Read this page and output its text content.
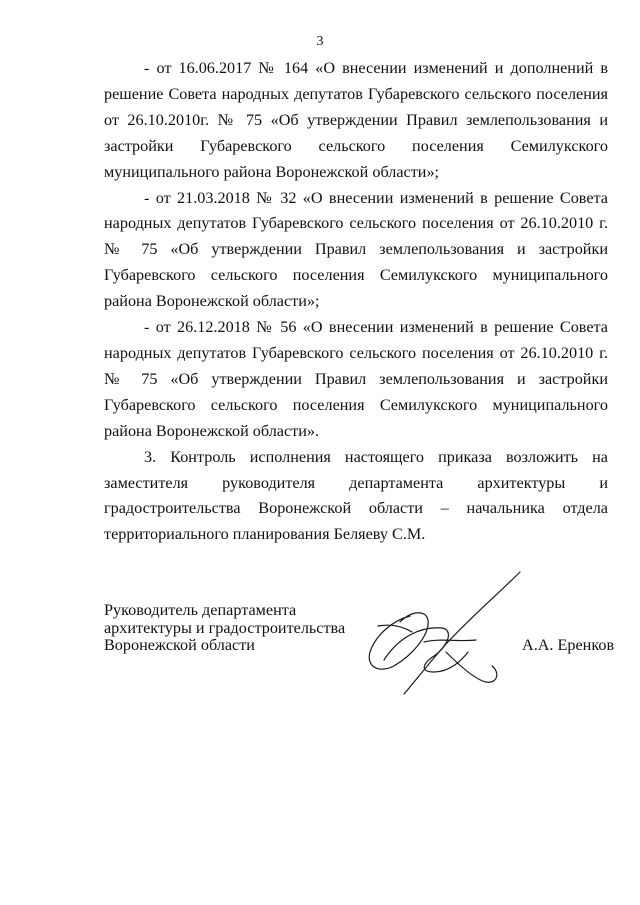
3

- от 16.06.2017 № 164 «О внесении изменений и дополнений в решение Совета народных депутатов Губаревского сельского поселения от 26.10.2010г. № 75 «Об утверждении Правил землепользования и застройки Губаревского сельского поселения Семилукского муниципального района Воронежской области»;

- от 21.03.2018 № 32 «О внесении изменений в решение Совета народных депутатов Губаревского сельского поселения от 26.10.2010 г. № 75 «Об утверждении Правил землепользования и застройки Губаревского сельского поселения Семилукского муниципального района Воронежской области»;

- от 26.12.2018 № 56 «О внесении изменений в решение Совета народных депутатов Губаревского сельского поселения от 26.10.2010 г. № 75 «Об утверждении Правил землепользования и застройки Губаревского сельского поселения Семилукского муниципального района Воронежской области».

3. Контроль исполнения настоящего приказа возложить на заместителя руководителя департамента архитектуры и градостроительства Воронежской области – начальника отдела территориального планирования Беляеву С.М.

Руководитель департамента
архитектуры и градостроительства
Воронежской области	А.А. Еренков
